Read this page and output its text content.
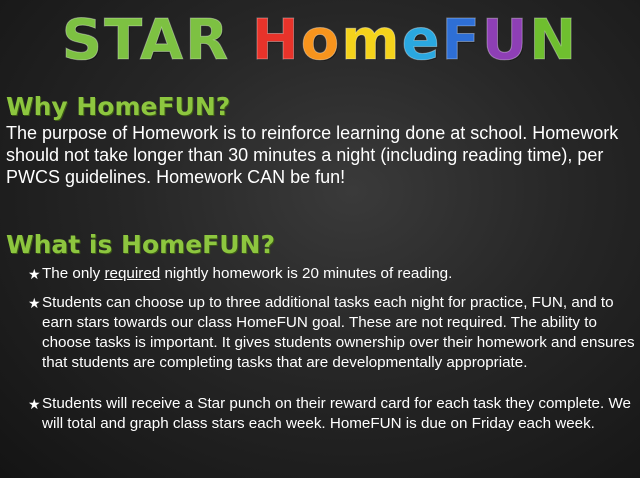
STAR HomeFUN
Why HomeFUN?
The purpose of Homework is to reinforce learning done at school. Homework should not take longer than 30 minutes a night (including reading time), per PWCS guidelines. Homework CAN be fun!
What is HomeFUN?
★ The only required nightly homework is 20 minutes of reading.
★ Students can choose up to three additional tasks each night for practice, FUN, and to earn stars towards our class HomeFUN goal. These are not required. The ability to choose tasks is important. It gives students ownership over their homework and ensures that students are completing tasks that are developmentally appropriate.
★ Students will receive a Star punch on their reward card for each task they complete. We will total and graph class stars each week. HomeFUN is due on Friday each week.
